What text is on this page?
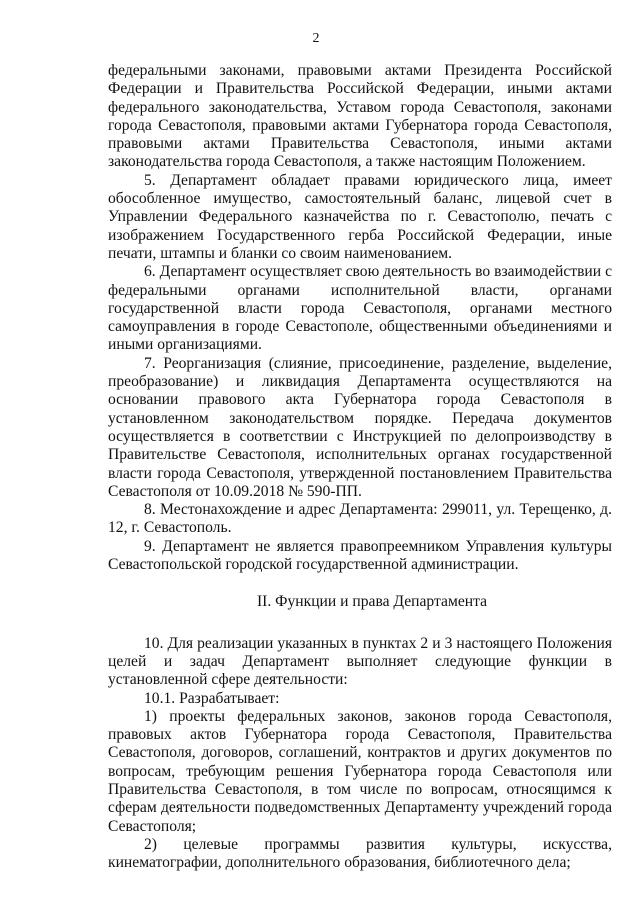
2

федеральными законами, правовыми актами Президента Российской Федерации и Правительства Российской Федерации, иными актами федерального законодательства, Уставом города Севастополя, законами города Севастополя, правовыми актами Губернатора города Севастополя, правовыми актами Правительства Севастополя, иными актами законодательства города Севастополя, а также настоящим Положением.

5. Департамент обладает правами юридического лица, имеет обособленное имущество, самостоятельный баланс, лицевой счет в Управлении Федерального казначейства по г. Севастополю, печать с изображением Государственного герба Российской Федерации, иные печати, штампы и бланки со своим наименованием.

6. Департамент осуществляет свою деятельность во взаимодействии с федеральными органами исполнительной власти, органами государственной власти города Севастополя, органами местного самоуправления в городе Севастополе, общественными объединениями и иными организациями.

7. Реорганизация (слияние, присоединение, разделение, выделение, преобразование) и ликвидация Департамента осуществляются на основании правового акта Губернатора города Севастополя в установленном законодательством порядке. Передача документов осуществляется в соответствии с Инструкцией по делопроизводству в Правительстве Севастополя, исполнительных органах государственной власти города Севастополя, утвержденной постановлением Правительства Севастополя от 10.09.2018 № 590-ПП.

8. Местонахождение и адрес Департамента: 299011, ул. Терещенко, д. 12, г. Севастополь.

9. Департамент не является правопреемником Управления культуры Севастопольской городской государственной администрации.

II. Функции и права Департамента

10. Для реализации указанных в пунктах 2 и 3 настоящего Положения целей и задач Департамент выполняет следующие функции в установленной сфере деятельности:

10.1. Разрабатывает:

1) проекты федеральных законов, законов города Севастополя, правовых актов Губернатора города Севастополя, Правительства Севастополя, договоров, соглашений, контрактов и других документов по вопросам, требующим решения Губернатора города Севастополя или Правительства Севастополя, в том числе по вопросам, относящимся к сферам деятельности подведомственных Департаменту учреждений города Севастополя;

2) целевые программы развития культуры, искусства, кинематографии, дополнительного образования, библиотечного дела;
